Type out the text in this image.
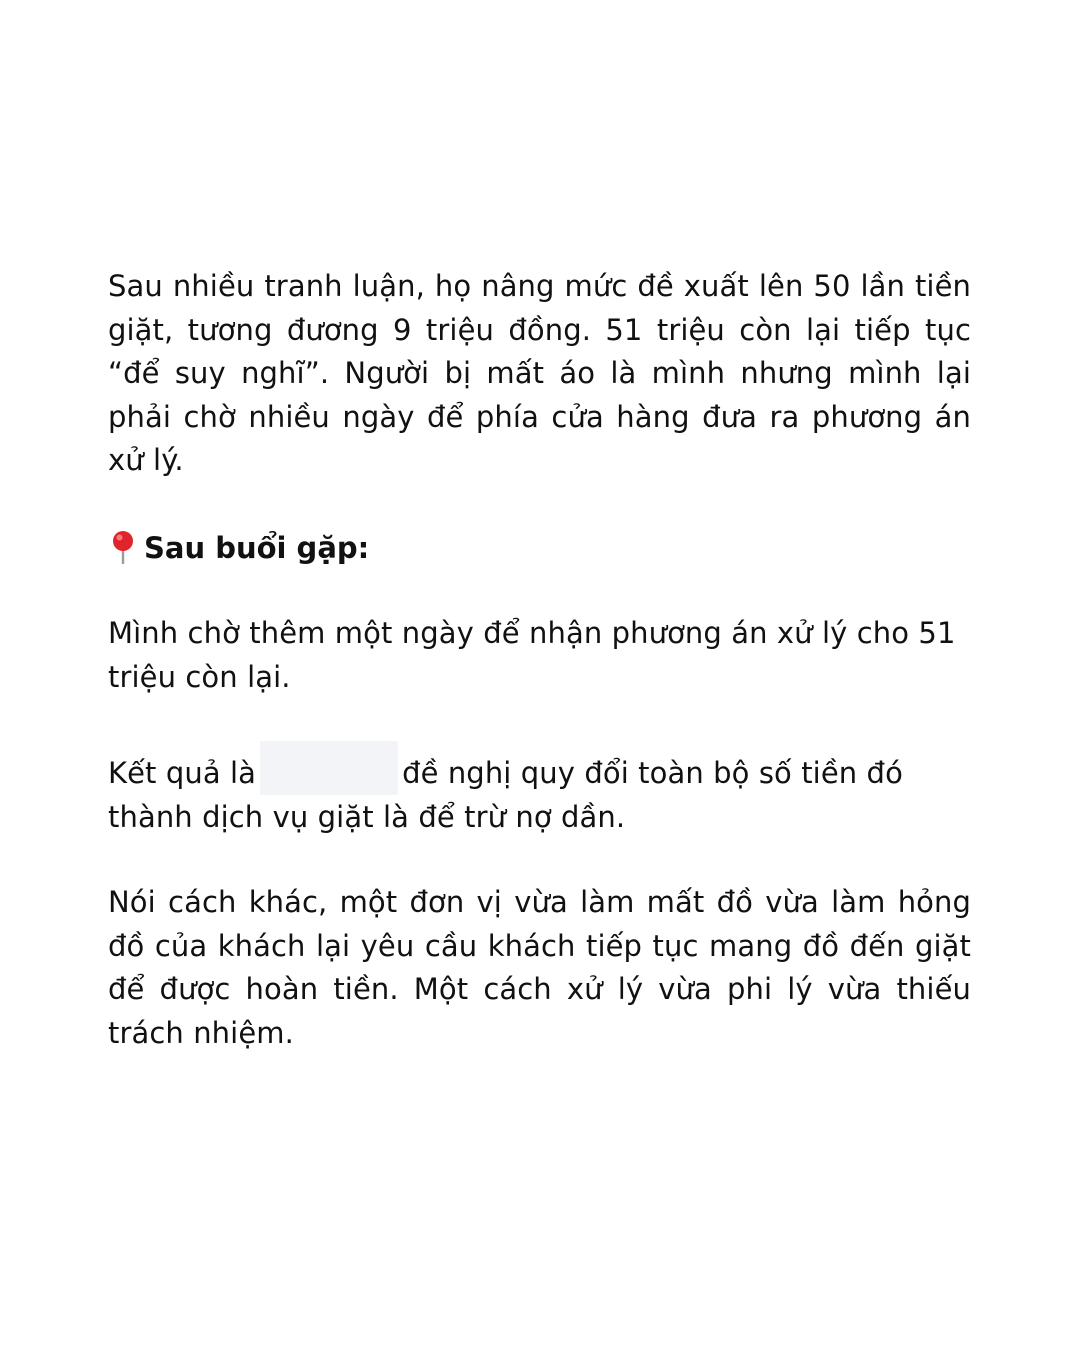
Sau nhiều tranh luận, họ nâng mức đề xuất lên 50 lần tiền giặt, tương đương 9 triệu đồng. 51 triệu còn lại tiếp tục “để suy nghĩ”. Người bị mất áo là mình nhưng mình lại phải chờ nhiều ngày để phía cửa hàng đưa ra phương án xử lý.

Sau buổi gặp:

Mình chờ thêm một ngày để nhận phương án xử lý cho 51 triệu còn lại.

Kết quả là	đề nghị quy đổi toàn bộ số tiền đó thành dịch vụ giặt là để trừ nợ dần.

Nói cách khác, một đơn vị vừa làm mất đồ vừa làm hỏng đồ của khách lại yêu cầu khách tiếp tục mang đồ đến giặt để được hoàn tiền. Một cách xử lý vừa phi lý vừa thiếu trách nhiệm.
